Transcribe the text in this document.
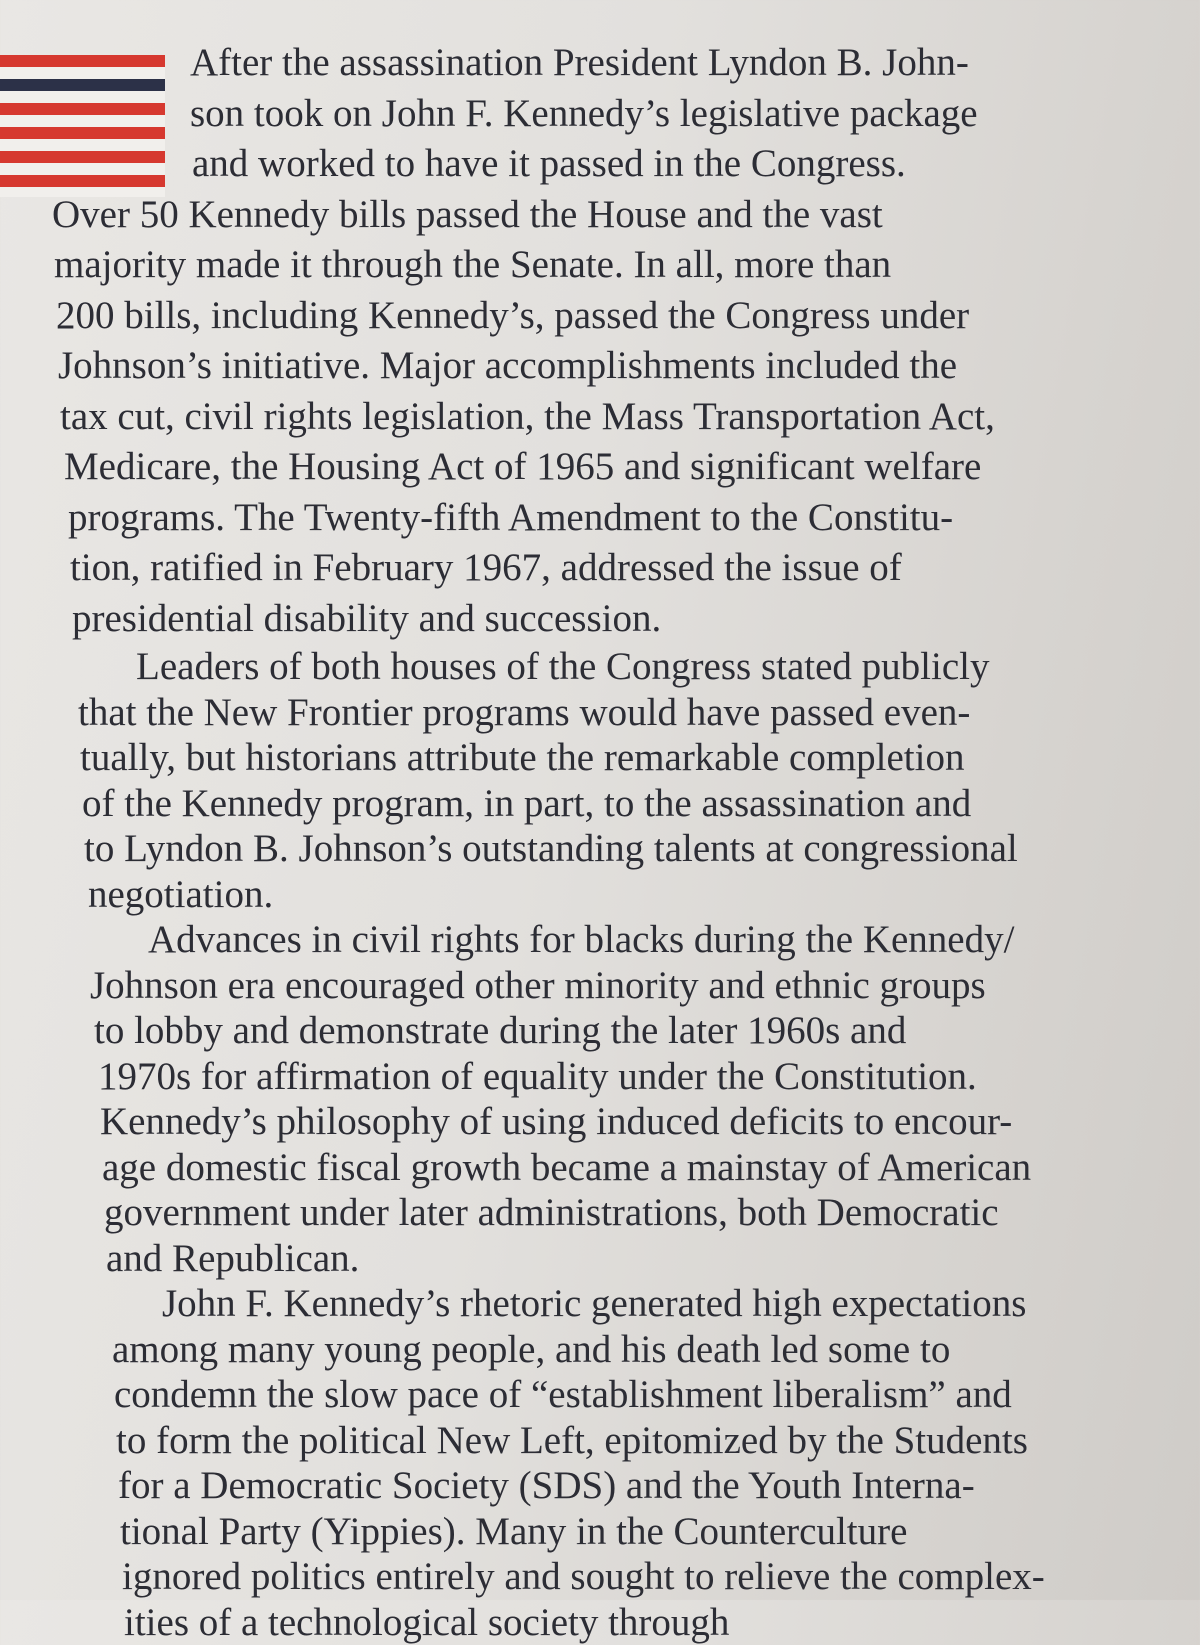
After the assassination President Lyndon B. John-
son took on John F. Kennedy’s legislative package
and worked to have it passed in the Congress.
Over 50 Kennedy bills passed the House and the vast
majority made it through the Senate. In all, more than
200 bills, including Kennedy’s, passed the Congress under
Johnson’s initiative. Major accomplishments included the
tax cut, civil rights legislation, the Mass Transportation Act,
Medicare, the Housing Act of 1965 and significant welfare
programs. The Twenty-fifth Amendment to the Constitu-
tion, ratified in February 1967, addressed the issue of
presidential disability and succession.
Leaders of both houses of the Congress stated publicly
that the New Frontier programs would have passed even-
tually, but historians attribute the remarkable completion
of the Kennedy program, in part, to the assassination and
to Lyndon B. Johnson’s outstanding talents at congressional
negotiation.
Advances in civil rights for blacks during the Kennedy/
Johnson era encouraged other minority and ethnic groups
to lobby and demonstrate during the later 1960s and
1970s for affirmation of equality under the Constitution.
Kennedy’s philosophy of using induced deficits to encour-
age domestic fiscal growth became a mainstay of American
government under later administrations, both Democratic
and Republican.
John F. Kennedy’s rhetoric generated high expectations
among many young people, and his death led some to
condemn the slow pace of “establishment liberalism” and
to form the political New Left, epitomized by the Students
for a Democratic Society (SDS) and the Youth Interna-
tional Party (Yippies). Many in the Counterculture
ignored politics entirely and sought to relieve the complex-
ities of a technological society through
